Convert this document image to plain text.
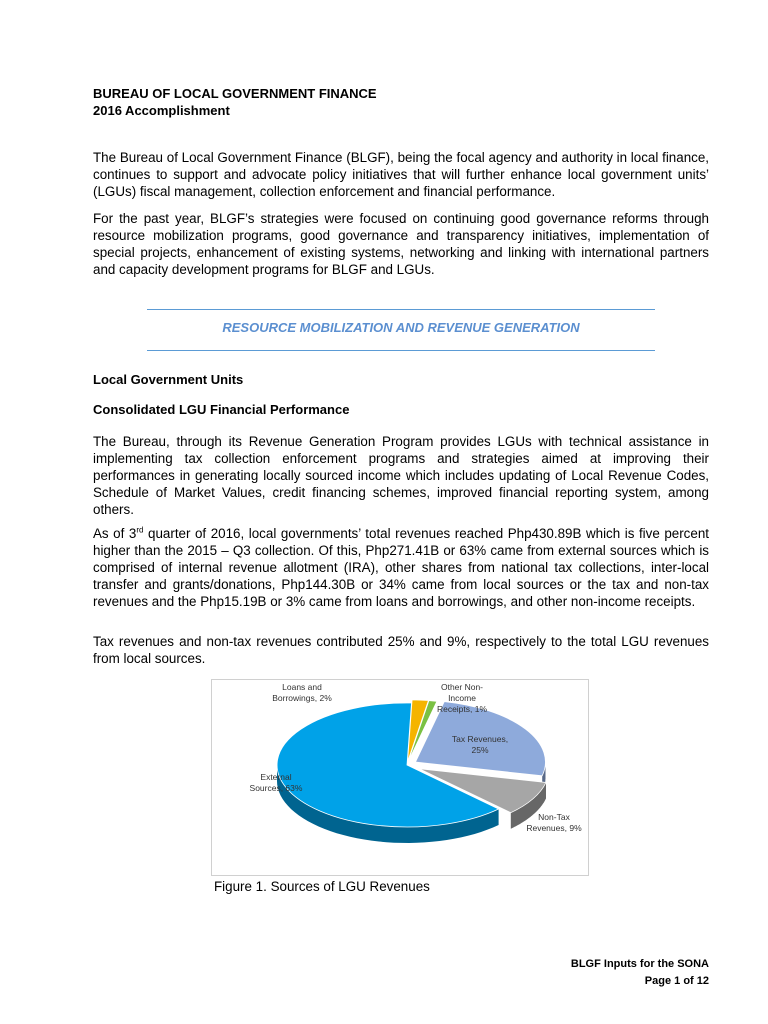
BUREAU OF LOCAL GOVERNMENT FINANCE
2016 Accomplishment

The Bureau of Local Government Finance (BLGF), being the focal agency and authority in local finance, continues to support and advocate policy initiatives that will further enhance local government units’ (LGUs) fiscal management, collection enforcement and financial performance.

For the past year, BLGF’s strategies were focused on continuing good governance reforms through resource mobilization programs, good governance and transparency initiatives, implementation of special projects, enhancement of existing systems, networking and linking with international partners and capacity development programs for BLGF and LGUs.

RESOURCE MOBILIZATION AND REVENUE GENERATION
Local Government Units
Consolidated LGU Financial Performance

The Bureau, through its Revenue Generation Program provides LGUs with technical assistance in implementing tax collection enforcement programs and strategies aimed at improving their performances in generating locally sourced income which includes updating of Local Revenue Codes, Schedule of Market Values, credit financing schemes, improved financial reporting system, among others.

As of 3rd quarter of 2016, local governments’ total revenues reached Php430.89B which is five percent higher than the 2015 – Q3 collection. Of this, Php271.41B or 63% came from external sources which is comprised of internal revenue allotment (IRA), other shares from national tax collections, inter-local transfer and grants/donations, Php144.30B or 34% came from local sources or the tax and non-tax revenues and the Php15.19B or 3% came from loans and borrowings, and other non-income receipts.

Tax revenues and non-tax revenues contributed 25% and 9%, respectively to the total LGU revenues from local sources.

Loans and Borrowings, 2%
Other Non-Income Receipts, 1%
Tax Revenues, 25%
Non-Tax Revenues, 9%
External Sources, 63%
Figure 1. Sources of LGU Revenues
BLGF Inputs for the SONA
Page 1 of 12
